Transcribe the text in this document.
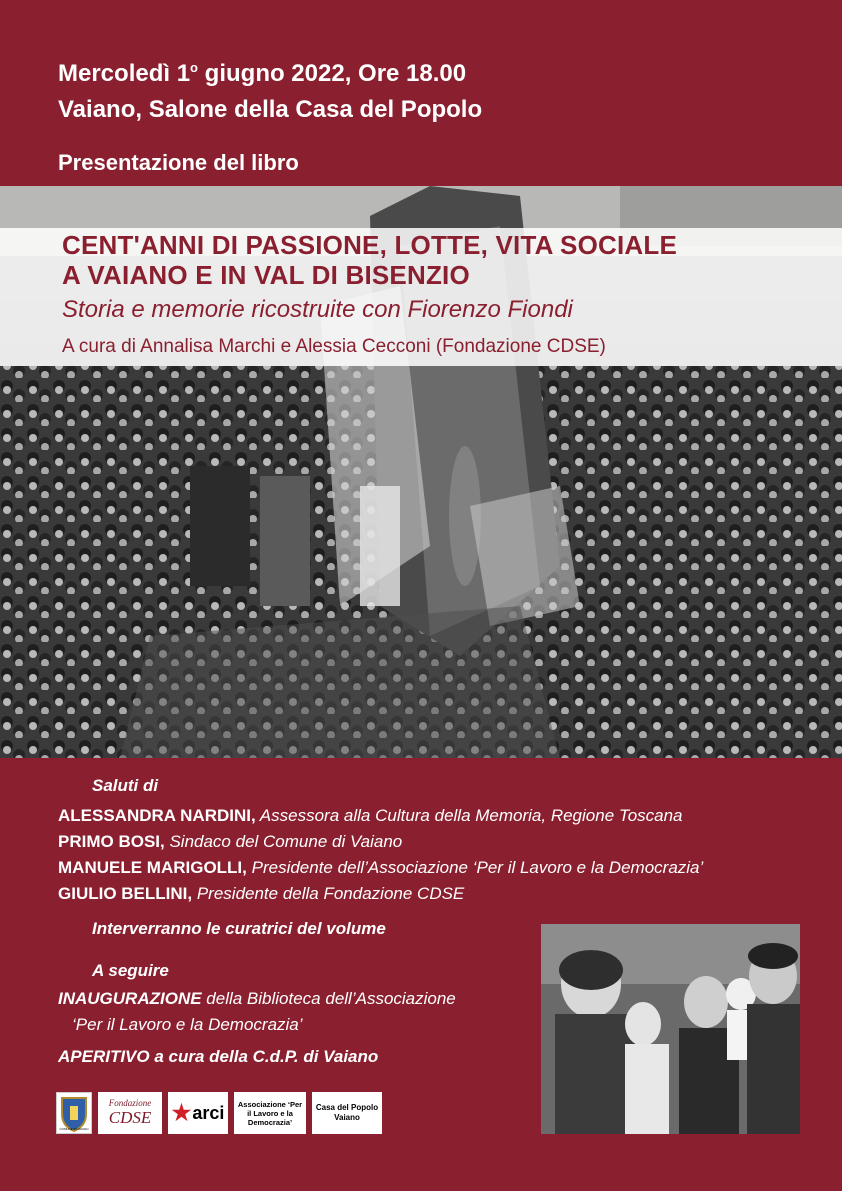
Mercoledì 1$^o$ giugno 2022, Ore 18.00
Vaiano, Salone della Casa del Popolo
Presentazione del libro
CENT'ANNI DI PASSIONE, LOTTE, VITA SOCIALE
A VAIANO E IN VAL DI BISENZIO
Storia e memorie ricostruite con Fiorenzo Fiondi
A cura di Annalisa Marchi e Alessia Cecconi (Fondazione CDSE)
Saluti di
ALESSANDRA NARDINI, Assessora alla Cultura della Memoria, Regione Toscana
PRIMO BOSI, Sindaco del Comune di Vaiano
MANUELE MARIGOLLI, Presidente dell’Associazione ‘Per il Lavoro e la Democrazia’
GIULIO BELLINI, Presidente della Fondazione CDSE
Interverranno le curatrici del volume
A seguire
INAUGURAZIONE della Biblioteca dell’Associazione
‘Per il Lavoro e la Democrazia’
APERITIVO a cura della C.d.P. di Vaiano
COMUNE DI VAIANO
Fondazione
CDSE ★ arci Associazione ‘Per il Lavoro e la Democrazia’
Casa del Popolo
Vaiano
